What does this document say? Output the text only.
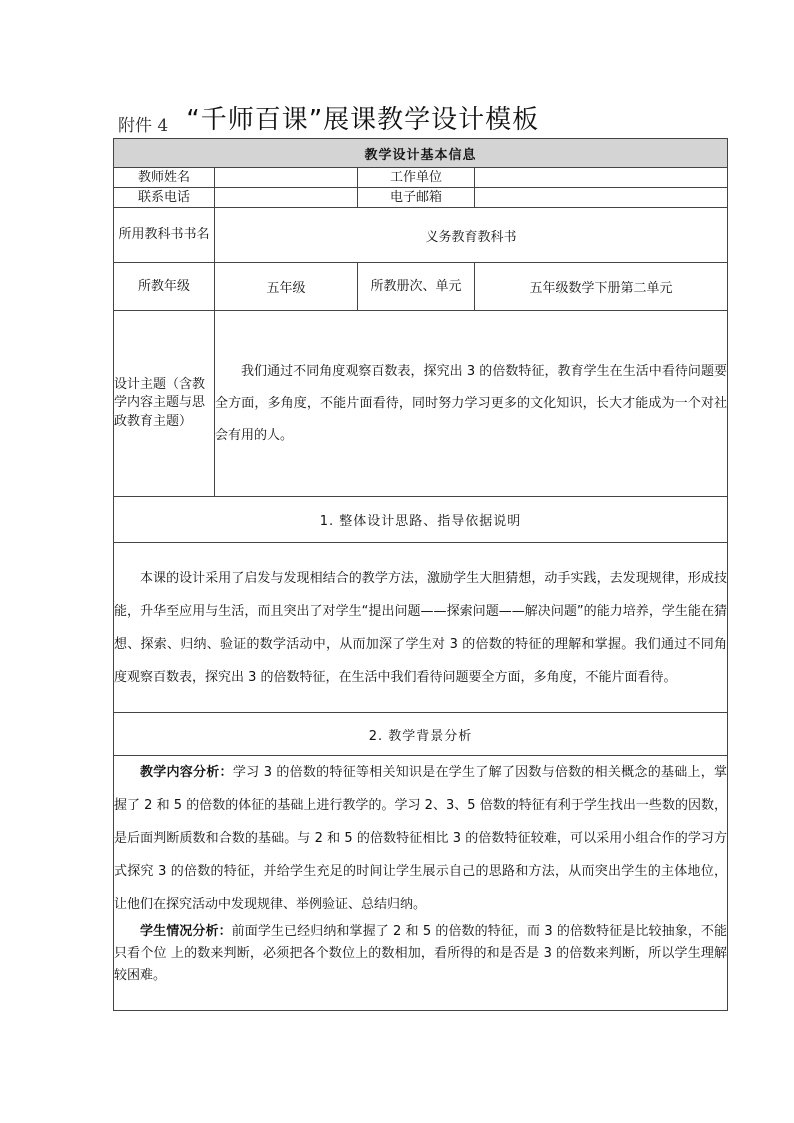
附件 4 “千师百课”展课教学设计模板
教学设计基本信息			
教师姓名		工作单位	
联系电话		电子邮箱	
所用教科书书名	义务教育教科书		
所教年级	五年级	所教册次、单元	五年级数学下册第二单元
设计主题（含教学内容主题与思政教育主题）	我们通过不同角度观察百数表，探究出 3 的倍数特征，教育学生在生活中看待问题要全方面，多角度，不能片面看待，同时努力学习更多的文化知识，长大才能成为一个对社会有用的人。		
1. 整体设计思路、指导依据说明			
本课的设计采用了启发与发现相结合的教学方法，激励学生大胆猜想，动手实践，去发现规律，形成技能，升华至应用与生活，而且突出了对学生“提出问题——探索问题——解决问题”的能力培养，学生能在猜想、探索、归纳、验证的数学活动中，从而加深了学生对 3 的倍数的特征的理解和掌握。我们通过不同角度观察百数表，探究出 3 的倍数特征，在生活中我们看待问题要全方面，多角度，不能片面看待。			
2. 教学背景分析			

教学内容分析：学习 3 的倍数的特征等相关知识是在学生了解了因数与倍数的相关概念的基础上，掌握了 2 和 5 的倍数的体征的基础上进行教学的。学习 2、3、5 倍数的特征有利于学生找出一些数的因数，是后面判断质数和合数的基础。与 2 和 5 的倍数特征相比 3 的倍数特征较难，可以采用小组合作的学习方式探究 3 的倍数的特征，并给学生充足的时间让学生展示自己的思路和方法，从而突出学生的主体地位，让他们在探究活动中发现规律、举例验证、总结归纳。

学生情况分析：前面学生已经归纳和掌握了 2 和 5 的倍数的特征，而 3 的倍数特征是比较抽象，不能只看个位 上的数来判断，必须把各个数位上的数相加，看所得的和是否是 3 的倍数来判断，所以学生理解较困难。			
